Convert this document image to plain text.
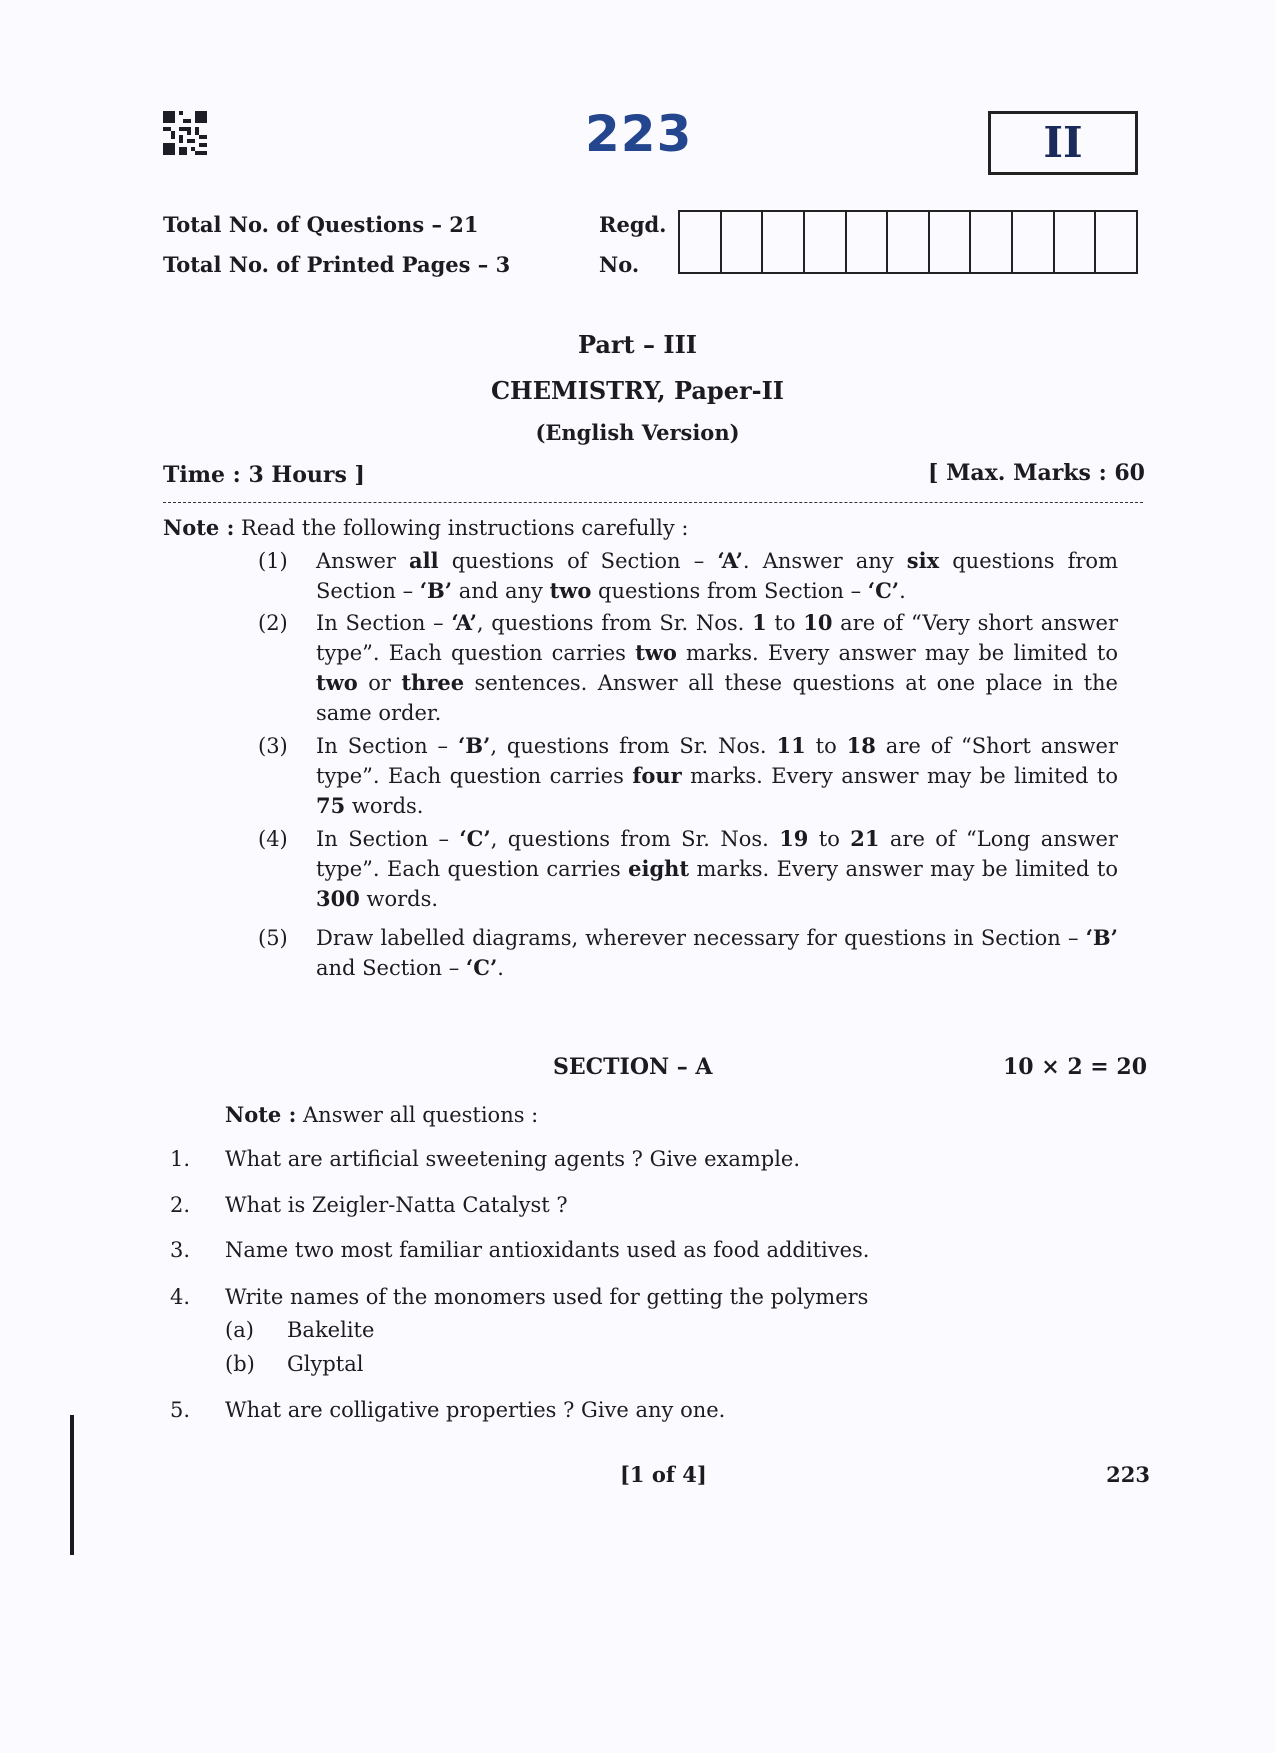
223	II
Total No. of Questions – 21
Total No. of Printed Pages – 3
Regd.
No.
Part – III
CHEMISTRY, Paper-II
(English Version)
Time : 3 Hours ]	[ Max. Marks : 60
Note : Read the following instructions carefully :
(1) Answer all questions of Section – ‘A’. Answer any six questions from Section – ‘B’ and any two questions from Section – ‘C’.
(2) In Section – ‘A’, questions from Sr. Nos. 1 to 10 are of “Very short answer type”. Each question carries two marks. Every answer may be limited to two or three sentences. Answer all these questions at one place in the same order.
(3) In Section – ‘B’, questions from Sr. Nos. 11 to 18 are of “Short answer type”. Each question carries four marks. Every answer may be limited to 75 words.
(4) In Section – ‘C’, questions from Sr. Nos. 19 to 21 are of “Long answer type”. Each question carries eight marks. Every answer may be limited to 300 words.
(5) Draw labelled diagrams, wherever necessary for questions in Section – ‘B’ and Section – ‘C’.
SECTION – A	10 × 2 = 20
Note : Answer all questions :
1. What are artificial sweetening agents ? Give example.
2. What is Zeigler-Natta Catalyst ?
3. Name two most familiar antioxidants used as food additives.
4. Write names of the monomers used for getting the polymers
(a) Bakelite
(b) Glyptal
5. What are colligative properties ? Give any one.
[1 of 4]	223
